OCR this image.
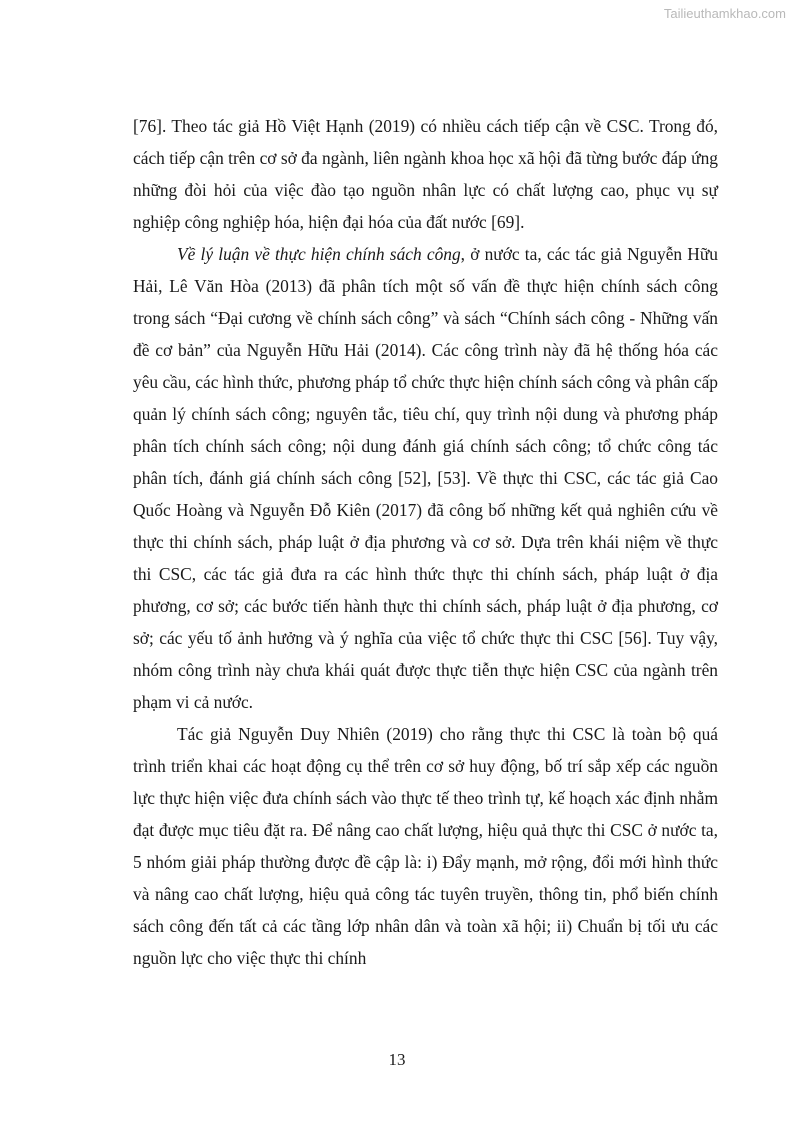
Tailieuthamkhao.com

[76]. Theo tác giả Hồ Việt Hạnh (2019) có nhiều cách tiếp cận về CSC. Trong đó, cách tiếp cận trên cơ sở đa ngành, liên ngành khoa học xã hội đã từng bước đáp ứng những đòi hỏi của việc đào tạo nguồn nhân lực có chất lượng cao, phục vụ sự nghiệp công nghiệp hóa, hiện đại hóa của đất nước [69].

Về lý luận về thực hiện chính sách công, ở nước ta, các tác giả Nguyễn Hữu Hải, Lê Văn Hòa (2013) đã phân tích một số vấn đề thực hiện chính sách công trong sách “Đại cương về chính sách công” và sách “Chính sách công - Những vấn đề cơ bản” của Nguyễn Hữu Hải (2014). Các công trình này đã hệ thống hóa các yêu cầu, các hình thức, phương pháp tổ chức thực hiện chính sách công và phân cấp quản lý chính sách công; nguyên tắc, tiêu chí, quy trình nội dung và phương pháp phân tích chính sách công; nội dung đánh giá chính sách công; tổ chức công tác phân tích, đánh giá chính sách công [52], [53]. Về thực thi CSC, các tác giả Cao Quốc Hoàng và Nguyễn Đỗ Kiên (2017) đã công bố những kết quả nghiên cứu về thực thi chính sách, pháp luật ở địa phương và cơ sở. Dựa trên khái niệm về thực thi CSC, các tác giả đưa ra các hình thức thực thi chính sách, pháp luật ở địa phương, cơ sở; các bước tiến hành thực thi chính sách, pháp luật ở địa phương, cơ sở; các yếu tố ảnh hưởng và ý nghĩa của việc tổ chức thực thi CSC [56]. Tuy vậy, nhóm công trình này chưa khái quát được thực tiễn thực hiện CSC của ngành trên phạm vi cả nước.

Tác giả Nguyễn Duy Nhiên (2019) cho rằng thực thi CSC là toàn bộ quá trình triển khai các hoạt động cụ thể trên cơ sở huy động, bố trí sắp xếp các nguồn lực thực hiện việc đưa chính sách vào thực tế theo trình tự, kế hoạch xác định nhằm đạt được mục tiêu đặt ra. Để nâng cao chất lượng, hiệu quả thực thi CSC ở nước ta, 5 nhóm giải pháp thường được đề cập là: i) Đẩy mạnh, mở rộng, đổi mới hình thức và nâng cao chất lượng, hiệu quả công tác tuyên truyền, thông tin, phổ biến chính sách công đến tất cả các tầng lớp nhân dân và toàn xã hội; ii) Chuẩn bị tối ưu các nguồn lực cho việc thực thi chính

13
